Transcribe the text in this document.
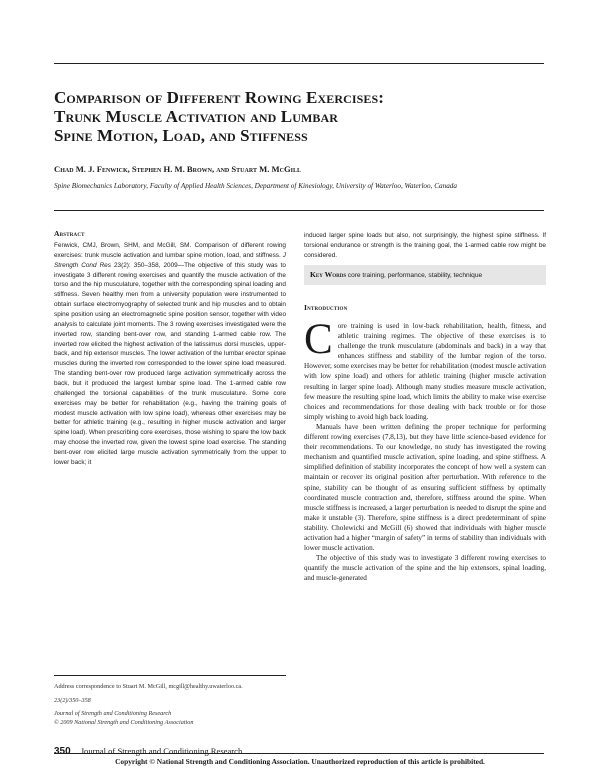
Comparison of Different Rowing Exercises:
Trunk Muscle Activation and Lumbar
Spine Motion, Load, and Stiffness
Chad M. J. Fenwick, Stephen H. M. Brown, and Stuart M. McGill
Spine Biomechanics Laboratory, Faculty of Applied Health Sciences, Department of Kinesiology, University of Waterloo, Waterloo, Canada
Abstract
Fenwick, CMJ, Brown, SHM, and McGill, SM. Comparison of different rowing exercises: trunk muscle activation and lumbar spine motion, load, and stiffness. J Strength Cond Res 23(2): 350–358, 2009—The objective of this study was to investigate 3 different rowing exercises and quantify the muscle activation of the torso and the hip musculature, together with the corresponding spinal loading and stiffness. Seven healthy men from a university population were instrumented to obtain surface electromyography of selected trunk and hip muscles and to obtain spine position using an electromagnetic spine position sensor, together with video analysis to calculate joint moments. The 3 rowing exercises investigated were the inverted row, standing bent-over row, and standing 1-armed cable row. The inverted row elicited the highest activation of the latissimus dorsi muscles, upper-back, and hip extensor muscles. The lower activation of the lumbar erector spinae muscles during the inverted row corresponded to the lower spine load measured. The standing bent-over row produced large activation symmetrically across the back, but it produced the largest lumbar spine load. The 1-armed cable row challenged the torsional capabilities of the trunk musculature. Some core exercises may be better for rehabilitation (e.g., having the training goals of modest muscle activation with low spine load), whereas other exercises may be better for athletic training (e.g., resulting in higher muscle activation and larger spine load). When prescribing core exercises, those wishing to spare the low back may choose the inverted row, given the lowest spine load exercise. The standing bent-over row elicited large muscle activation symmetrically from the upper to lower back; it
induced larger spine loads but also, not surprisingly, the highest spine stiffness. If torsional endurance or strength is the training goal, the 1-armed cable row might be considered.
Key Words core training, performance, stability, technique
Introduction

Core training is used in low-back rehabilitation, health, fitness, and athletic training regimes. The objective of these exercises is to challenge the trunk musculature (abdominals and back) in a way that enhances stiffness and stability of the lumbar region of the torso. However, some exercises may be better for rehabilitation (modest muscle activation with low spine load) and others for athletic training (higher muscle activation resulting in larger spine load). Although many studies measure muscle activation, few measure the resulting spine load, which limits the ability to make wise exercise choices and recommendations for those dealing with back trouble or for those simply wishing to avoid high back loading.

Manuals have been written defining the proper technique for performing different rowing exercises (7,8,13), but they have little science-based evidence for their recommendations. To our knowledge, no study has investigated the rowing mechanism and quantified muscle activation, spine loading, and spine stiffness. A simplified definition of stability incorporates the concept of how well a system can maintain or recover its original position after perturbation. With reference to the spine, stability can be thought of as ensuring sufficient stiffness by optimally coordinated muscle contraction and, therefore, stiffness around the spine. When muscle stiffness is increased, a larger perturbation is needed to disrupt the spine and make it unstable (3). Therefore, spine stiffness is a direct predeterminant of spine stability. Cholewicki and McGill (6) showed that individuals with higher muscle activation had a higher “margin of safety” in terms of stability than individuals with lower muscle activation.

The objective of this study was to investigate 3 different rowing exercises to quantify the muscle activation of the spine and the hip extensors, spinal loading, and muscle-generated

Address correspondence to Stuart M. McGill, mcgill@healthy.uwaterloo.ca.
23(2)/350–358
Journal of Strength and Conditioning Research
© 2009 National Strength and Conditioning Association
350 Journal of Strength and Conditioning Research
Copyright © National Strength and Conditioning Association. Unauthorized reproduction of this article is prohibited.
